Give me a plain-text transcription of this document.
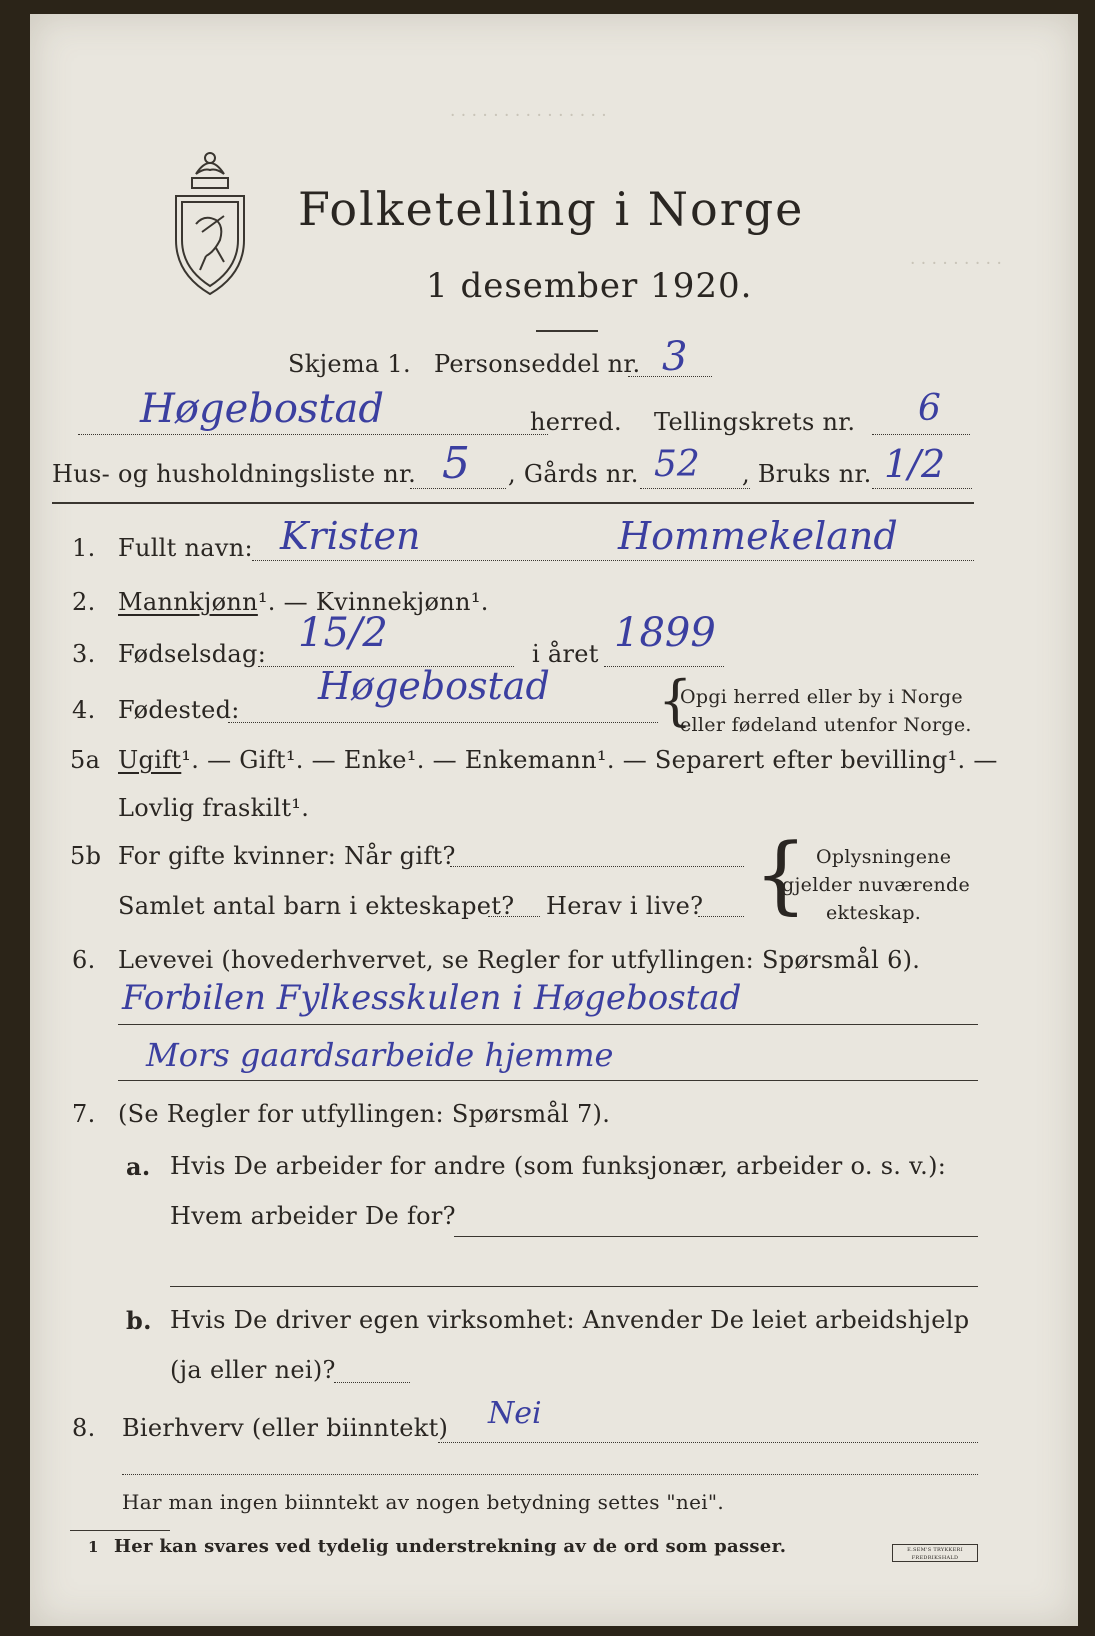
· · · · · · · · · · · · · · ·
· · · · · · · · ·
Folketelling i Norge
1 desember 1920.
Skjema 1. Personseddel nr. 3
Høgebostad	herred. Tellingskrets nr. 6
Hus- og husholdningsliste nr. 5 , Gårds nr. 52 , Bruks nr. 1/2
1. Fullt navn: Kristen	Hommekeland
2. Mannkjønn¹. — Kvinnekjønn¹.
3. Fødselsdag: 15/2	i året 1899
4. Fødested:
Høgebostad {
Opgi herred eller by i Norge
eller fødeland utenfor Norge.
5a Ugift¹. — Gift¹. — Enke¹. — Enkemann¹. — Separert efter bevilling¹. —
Lovlig fraskilt¹.
5b For gifte kvinner: Når gift?
Samlet antal barn i ekteskapet? Herav i live? { Oplysningene
gjelder nuværende
ekteskap.
6. Levevei (hovederhvervet, se Regler for utfyllingen: Spørsmål 6).
Forbilen Fylkesskulen i Høgebostad
Mors gaardsarbeide hjemme
7. (Se Regler for utfyllingen: Spørsmål 7).
a. Hvis De arbeider for andre (som funksjonær, arbeider o. s. v.):
Hvem arbeider De for?
b. Hvis De driver egen virksomhet: Anvender De leiet arbeidshjelp
(ja eller nei)?
8. Bierhverv (eller biinntekt) Nei
Har man ingen biinntekt av nogen betydning settes "nei".
1 Her kan svares ved tydelig understrekning av de ord som passer.	E.SEM'S TRYKKERI FREDRIKSHALD
